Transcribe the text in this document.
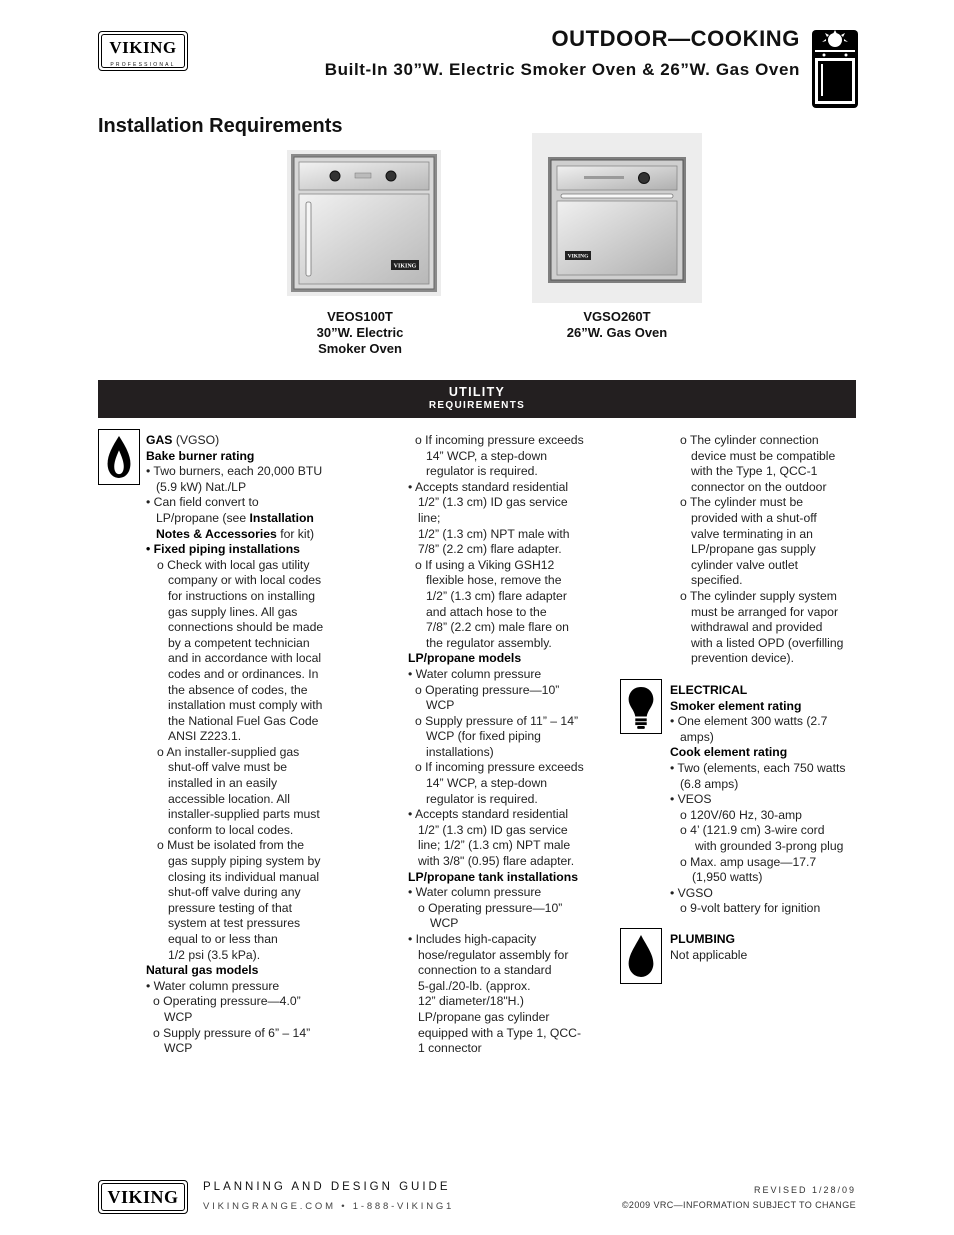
VIKING
PROFESSIONAL
OUTDOOR—COOKING
Built-In 30”W. Electric Smoker Oven & 26”W. Gas Oven
Installation Requirements
VIKING
VEOS100T
30”W. Electric
Smoker Oven
VIKING
VGSO260T
26”W. Gas Oven
UTILITY
REQUIREMENTS
GAS (VGSO)
Bake burner rating
• Two burners, each 20,000 BTU
(5.9 kW) Nat./LP
• Can field convert to
LP/propane (see Installation
Notes & Accessories for kit)
• Fixed piping installations
o Check with local gas utility
company or with local codes
for instructions on installing
gas supply lines. All gas
connections should be made
by a competent technician
and in accordance with local
codes and or ordinances. In
the absence of codes, the
installation must comply with
the National Fuel Gas Code
ANSI Z223.1.
o An installer-supplied gas
shut-off valve must be
installed in an easily
accessible location. All
installer-supplied parts must
conform to local codes.
o Must be isolated from the
gas supply piping system by
closing its individual manual
shut-off valve during any
pressure testing of that
system at test pressures
equal to or less than
1/2 psi (3.5 kPa).
Natural gas models
• Water column pressure
o Operating pressure—4.0”
WCP
o Supply pressure of 6” – 14”
WCP
o If incoming pressure exceeds
14” WCP, a step-down
regulator is required.
• Accepts standard residential
1/2” (1.3 cm) ID gas service
line;
1/2” (1.3 cm) NPT male with
7/8” (2.2 cm) flare adapter.
o If using a Viking GSH12
flexible hose, remove the
1/2” (1.3 cm) flare adapter
and attach hose to the
7/8” (2.2 cm) male flare on
the regulator assembly.
LP/propane models
• Water column pressure
o Operating pressure—10”
WCP
o Supply pressure of 11” – 14”
WCP (for fixed piping
installations)
o If incoming pressure exceeds
14” WCP, a step-down
regulator is required.
• Accepts standard residential
1/2” (1.3 cm) ID gas service
line; 1/2” (1.3 cm) NPT male
with 3/8" (0.95) flare adapter.
LP/propane tank installations
• Water column pressure
o Operating pressure—10”
WCP
• Includes high-capacity
hose/regulator assembly for
connection to a standard
5-gal./20-lb. (approx.
12” diameter/18"H.)
LP/propane gas cylinder
equipped with a Type 1, QCC-
1 connector
o The cylinder connection
device must be compatible
with the Type 1, QCC-1
connector on the outdoor
o The cylinder must be
provided with a shut-off
valve terminating in an
LP/propane gas supply
cylinder valve outlet
specified.
o The cylinder supply system
must be arranged for vapor
withdrawal and provided
with a listed OPD (overfilling
prevention device).
ELECTRICAL
Smoker element rating
• One element 300 watts (2.7
amps)
Cook element rating
• Two (elements, each 750 watts
(6.8 amps)
• VEOS
o 120V/60 Hz, 30-amp
o 4’ (121.9 cm) 3-wire cord
with grounded 3-prong plug
o Max. amp usage—17.7
(1,950 watts)
• VGSO
o 9-volt battery for ignition
PLUMBING
Not applicable
VIKING	PLANNING AND DESIGN GUIDE
VIKINGRANGE.COM • 1-888-VIKING1
REVISED 1/28/09
©2009 VRC—INFORMATION SUBJECT TO CHANGE
